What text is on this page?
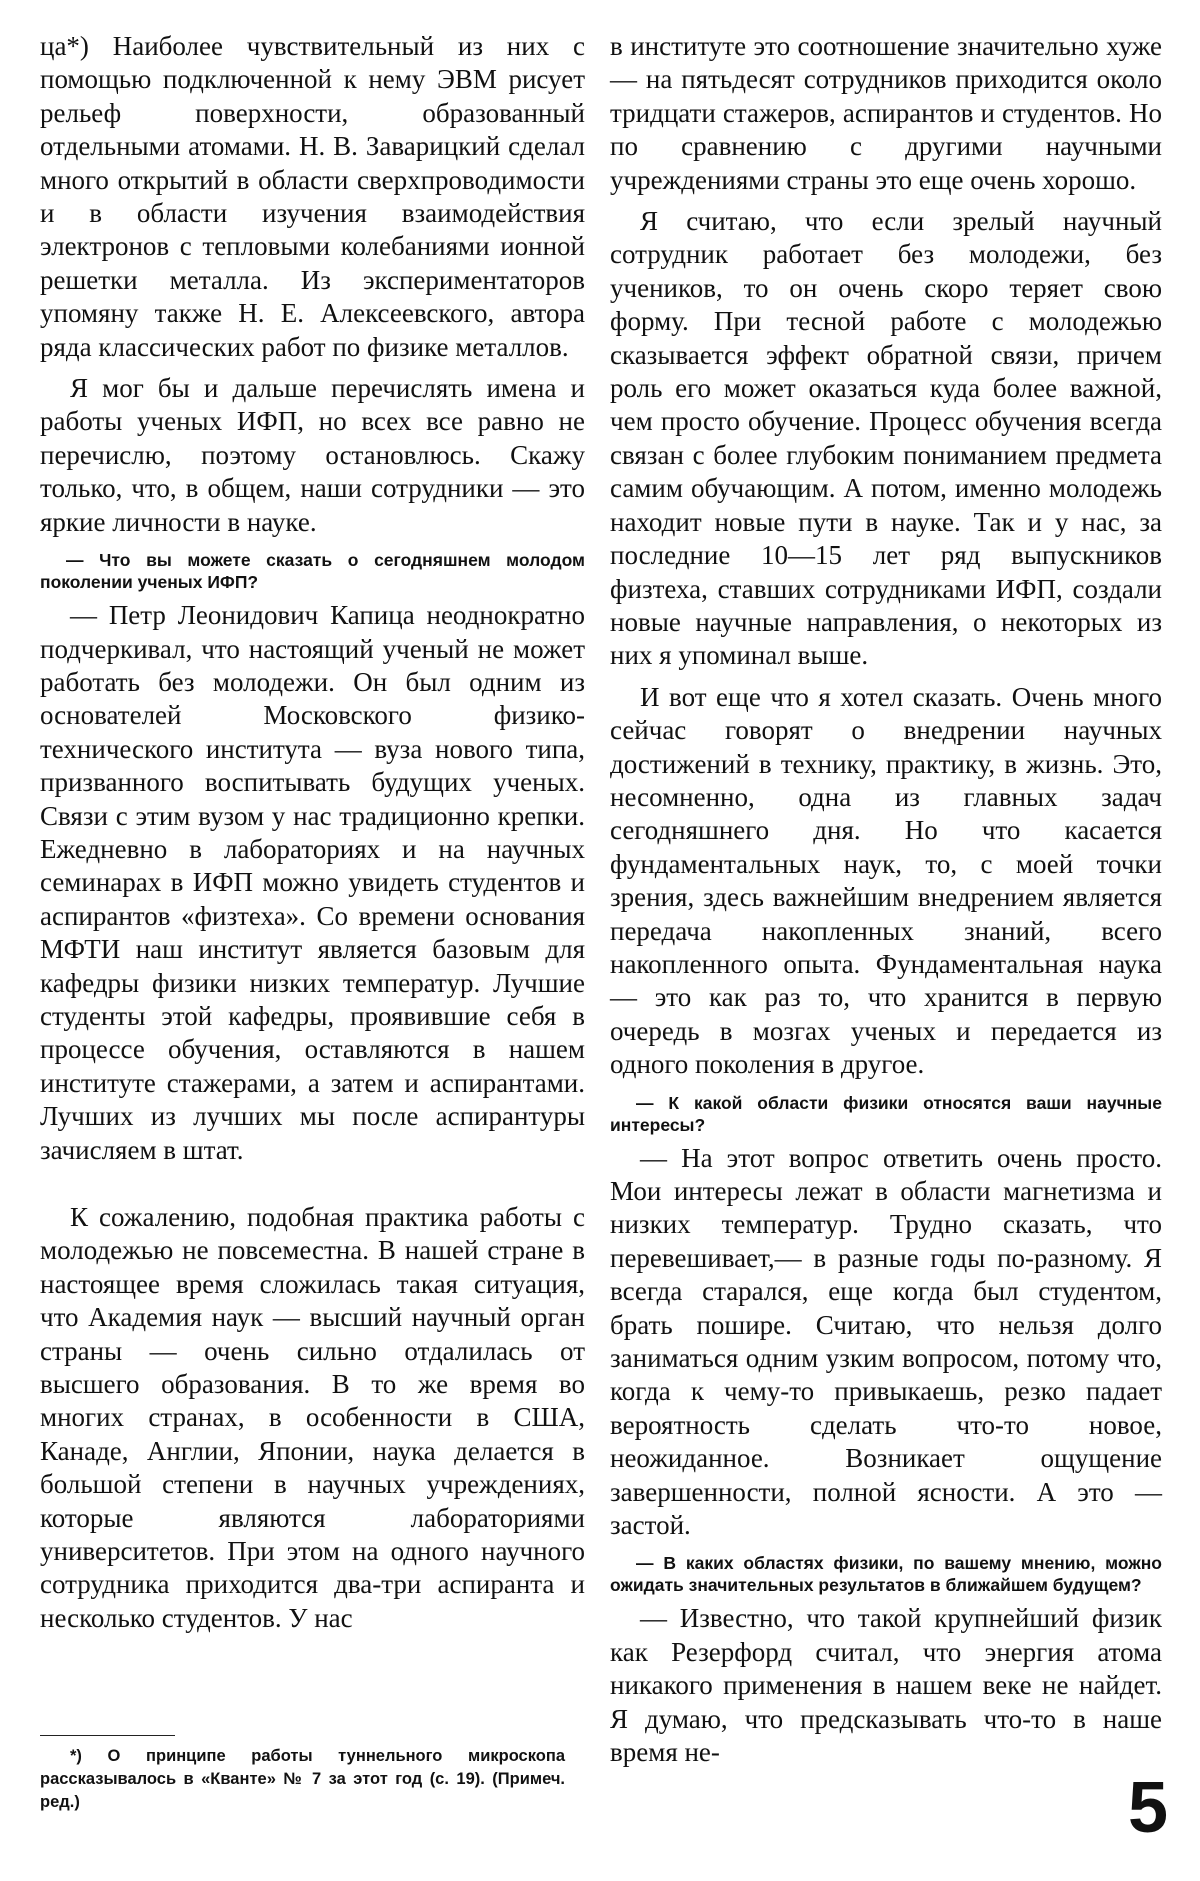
ца*) Наиболее чувствительный из них с помощью подключенной к нему ЭВМ рисует рельеф поверхности, образованный отдельными атомами. Н. В. Заварицкий сделал много открытий в области сверхпроводимости и в области изучения взаимодействия электронов с тепловыми колебаниями ионной решетки металла. Из экспериментаторов упомяну также Н. Е. Алексеевского, автора ряда классических работ по физике металлов.

Я мог бы и дальше перечислять имена и работы ученых ИФП, но всех все равно не перечислю, поэтому остановлюсь. Скажу только, что, в общем, наши сотрудники — это яркие личности в науке.

— Что вы можете сказать о сегодняшнем молодом поколении ученых ИФП?

— Петр Леонидович Капица неоднократно подчеркивал, что настоящий ученый не может работать без молодежи. Он был одним из основателей Московского физико-технического института — вуза нового типа, призванного воспитывать будущих ученых. Связи с этим вузом у нас традиционно крепки. Ежедневно в лабораториях и на научных семинарах в ИФП можно увидеть студентов и аспирантов «физтеха». Со времени основания МФТИ наш институт является базовым для кафедры физики низких температур. Лучшие студенты этой кафедры, проявившие себя в процессе обучения, оставляются в нашем институте стажерами, а затем и аспирантами. Лучших из лучших мы после аспирантуры зачисляем в штат.

К сожалению, подобная практика работы с молодежью не повсеместна. В нашей стране в настоящее время сложилась такая ситуация, что Академия наук — высший научный орган страны — очень сильно отдалилась от высшего образования. В то же время во многих странах, в особенности в США, Канаде, Англии, Японии, наука делается в большой степени в научных учреждениях, которые являются лабораториями университетов. При этом на одного научного сотрудника приходится два-три аспиранта и несколько студентов. У нас

в институте это соотношение значительно хуже — на пятьдесят сотрудников приходится около тридцати стажеров, аспирантов и студентов. Но по сравнению с другими научными учреждениями страны это еще очень хорошо.

Я считаю, что если зрелый научный сотрудник работает без молодежи, без учеников, то он очень скоро теряет свою форму. При тесной работе с молодежью сказывается эффект обратной связи, причем роль его может оказаться куда более важной, чем просто обучение. Процесс обучения всегда связан с более глубоким пониманием предмета самим обучающим. А потом, именно молодежь находит новые пути в науке. Так и у нас, за последние 10—15 лет ряд выпускников физтеха, ставших сотрудниками ИФП, создали новые научные направления, о некоторых из них я упоминал выше.

И вот еще что я хотел сказать. Очень много сейчас говорят о внедрении научных достижений в технику, практику, в жизнь. Это, несомненно, одна из главных задач сегодняшнего дня. Но что касается фундаментальных наук, то, с моей точки зрения, здесь важнейшим внедрением является передача накопленных знаний, всего накопленного опыта. Фундаментальная наука — это как раз то, что хранится в первую очередь в мозгах ученых и передается из одного поколения в другое.

— К какой области физики относятся ваши научные интересы?

— На этот вопрос ответить очень просто. Мои интересы лежат в области магнетизма и низких температур. Трудно сказать, что перевешивает,— в разные годы по-разному. Я всегда старался, еще когда был студентом, брать пошире. Считаю, что нельзя долго заниматься одним узким вопросом, потому что, когда к чему-то привыкаешь, резко падает вероятность сделать что-то новое, неожиданное. Возникает ощущение завершенности, полной ясности. А это — застой.

— В каких областях физики, по вашему мнению, можно ожидать значительных результатов в ближайшем будущем?

— Известно, что такой крупнейший физик как Резерфорд считал, что энергия атома никакого применения в нашем веке не найдет. Я думаю, что предсказывать что-то в наше время не-

*) О принципе работы туннельного микроскопа рассказывалось в «Кванте» № 7 за этот год (с. 19). (Примеч. ред.)	5
